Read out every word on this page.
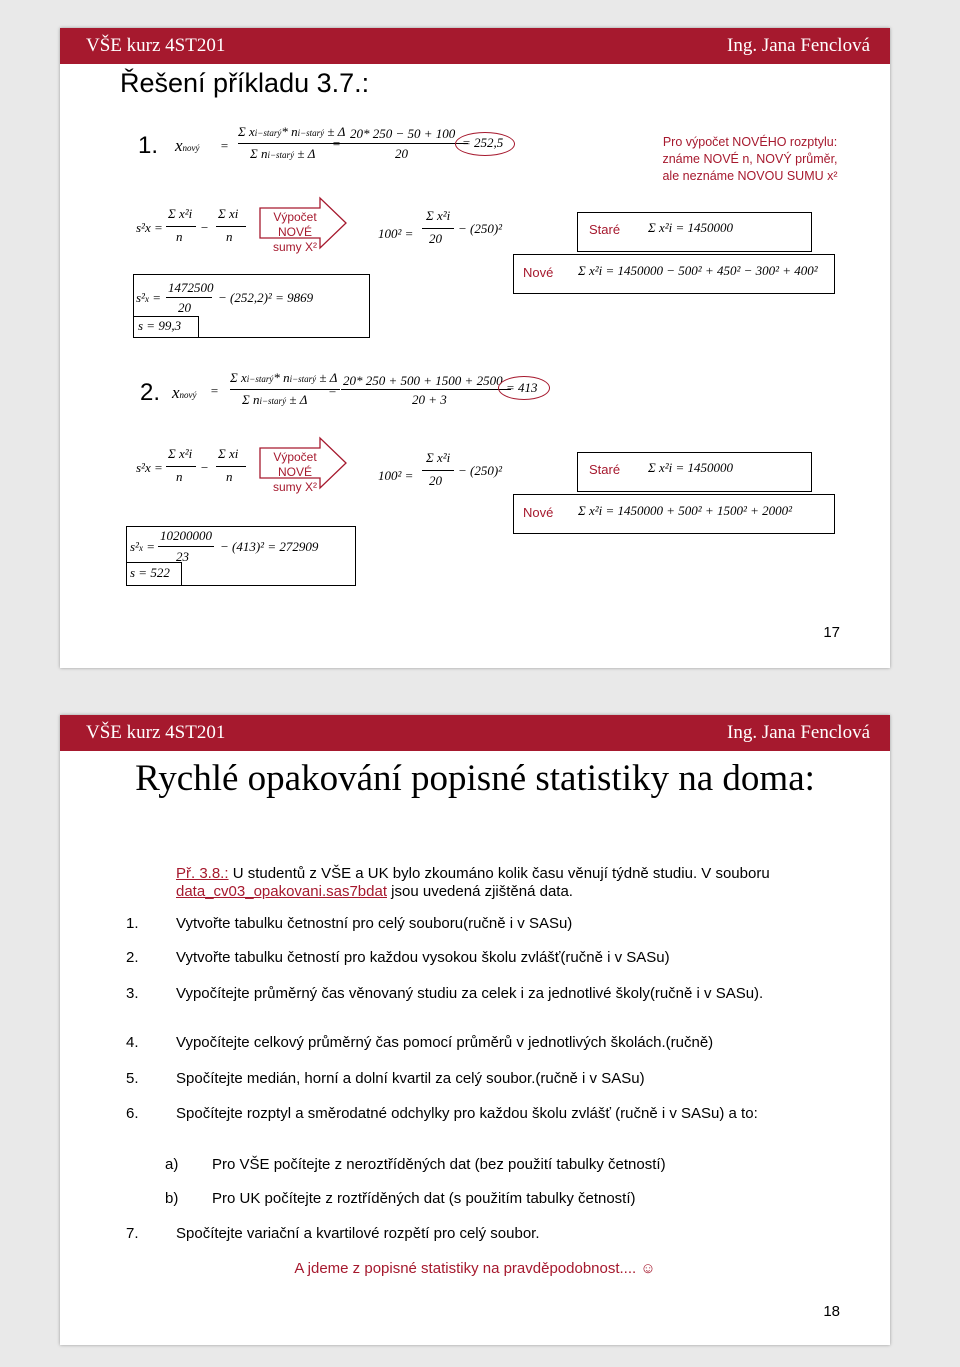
VŠE kurz 4ST201	Ing. Jana Fenclová
Řešení příkladu 3.7.:
1. xnový =
Σ xi−starý* ni−starý ± Δ
Σ ni−starý ± Δ
=
20* 250 − 50 + 100
20
= 252,5	Pro výpočet NOVÉHO rozptylu:
známe NOVÉ n, NOVÝ průměr,
ale neznáme NOVOU SUMU x²
s²x =
Σ x²i
n
−
Σ xi
n
Výpočet NOVÉ
sumy X²
100² =
Σ x²i
20
− (250)²	Staré Σ x²i = 1450000
Nové Σ x²i = 1450000 − 500² + 450² − 300² + 400²
s²x =
1472500
20
− (252,2)² = 9869
s = 99,3
2. xnový =
Σ xi−starý* ni−starý ± Δ
Σ ni−starý ± Δ
=
20* 250 + 500 + 1500 + 2500
20 + 3
= 413
s²x =
Σ x²i
n
−
Σ xi
n
Výpočet NOVÉ
sumy X²
100² =
Σ x²i
20
− (250)²	Staré Σ x²i = 1450000
Nové Σ x²i = 1450000 + 500² + 1500² + 2000²
s²x =
10200000
23
− (413)² = 272909
s = 522
17
VŠE kurz 4ST201	Ing. Jana Fenclová
Rychlé opakování popisné statistiky na doma:
Př. 3.8.: U studentů z VŠE a UK bylo zkoumáno kolik času věnují týdně studiu. V souboru
data_cv03_opakovani.sas7bdat jsou uvedená zjištěná data.
1. Vytvořte tabulku četnostní pro celý souboru(ručně i v SASu)
2. Vytvořte tabulku četností pro každou vysokou školu zvlášť(ručně i v SASu)
3. Vypočítejte průměrný čas věnovaný studiu za celek i za jednotlivé školy(ručně i v SASu).
4. Vypočítejte celkový průměrný čas pomocí průměrů v jednotlivých školách.(ručně)
5. Spočítejte medián, horní a dolní kvartil za celý soubor.(ručně i v SASu)
6. Spočítejte rozptyl a směrodatné odchylky pro každou školu zvlášť (ručně i v SASu) a to:
a) Pro VŠE počítejte z neroztříděných dat (bez použití tabulky četností)
b) Pro UK počítejte z roztříděných dat (s použitím tabulky četností)
7. Spočítejte variační a kvartilové rozpětí pro celý soubor.
A jdeme z popisné statistiky na pravděpodobnost.... ☺
18
